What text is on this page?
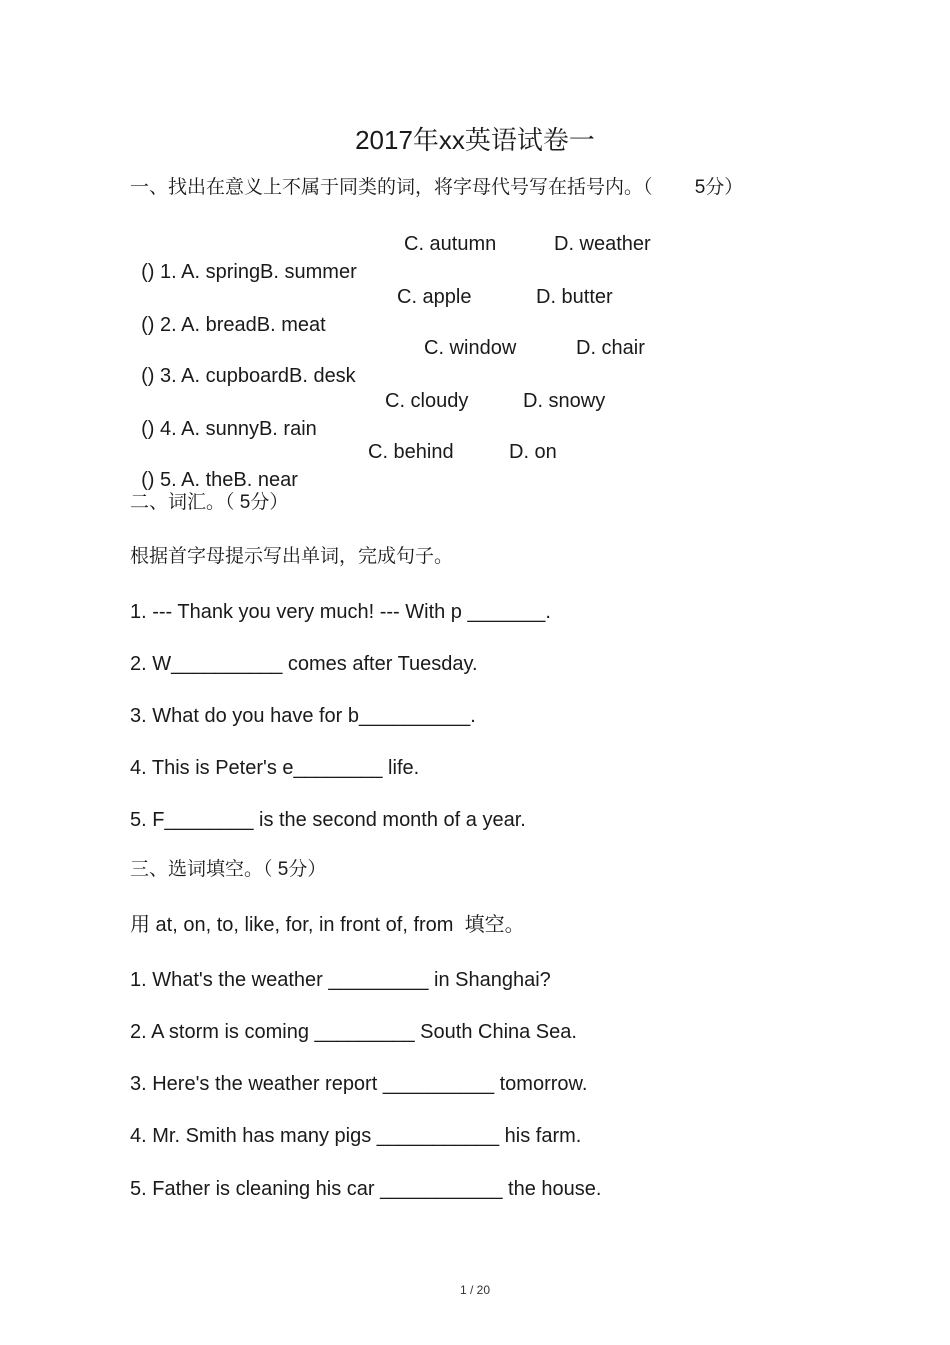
2017年xx英语试卷一
一、找出在意义上不属于同类的词，将字母代号写在括号内。（        5分）

() 1. A. springB. summer

C. autumn	D. weather

() 2. A. breadB. meat

C. apple	D. butter

() 3. A. cupboardB. desk

C. window	D. chair

() 4. A. sunnyB. rain

C. cloudy	D. snowy

() 5. A. theB. near

C. behind	D. on
二、词汇。（ 5分）
根据首字母提示写出单词，完成句子。
1. --- Thank you very much! --- With p _______.
2. W__________ comes after Tuesday.
3. What do you have for b__________.
4. This is Peter's e________ life.
5. F________ is the second month of a year.
三、选词填空。（ 5分）
用 at, on, to, like, for, in front of, from  填空。
1. What's the weather _________ in Shanghai?
2. A storm is coming _________ South China Sea.
3. Here's the weather report __________ tomorrow.
4. Mr. Smith has many pigs ___________ his farm.
5. Father is cleaning his car ___________ the house.
1 / 20
